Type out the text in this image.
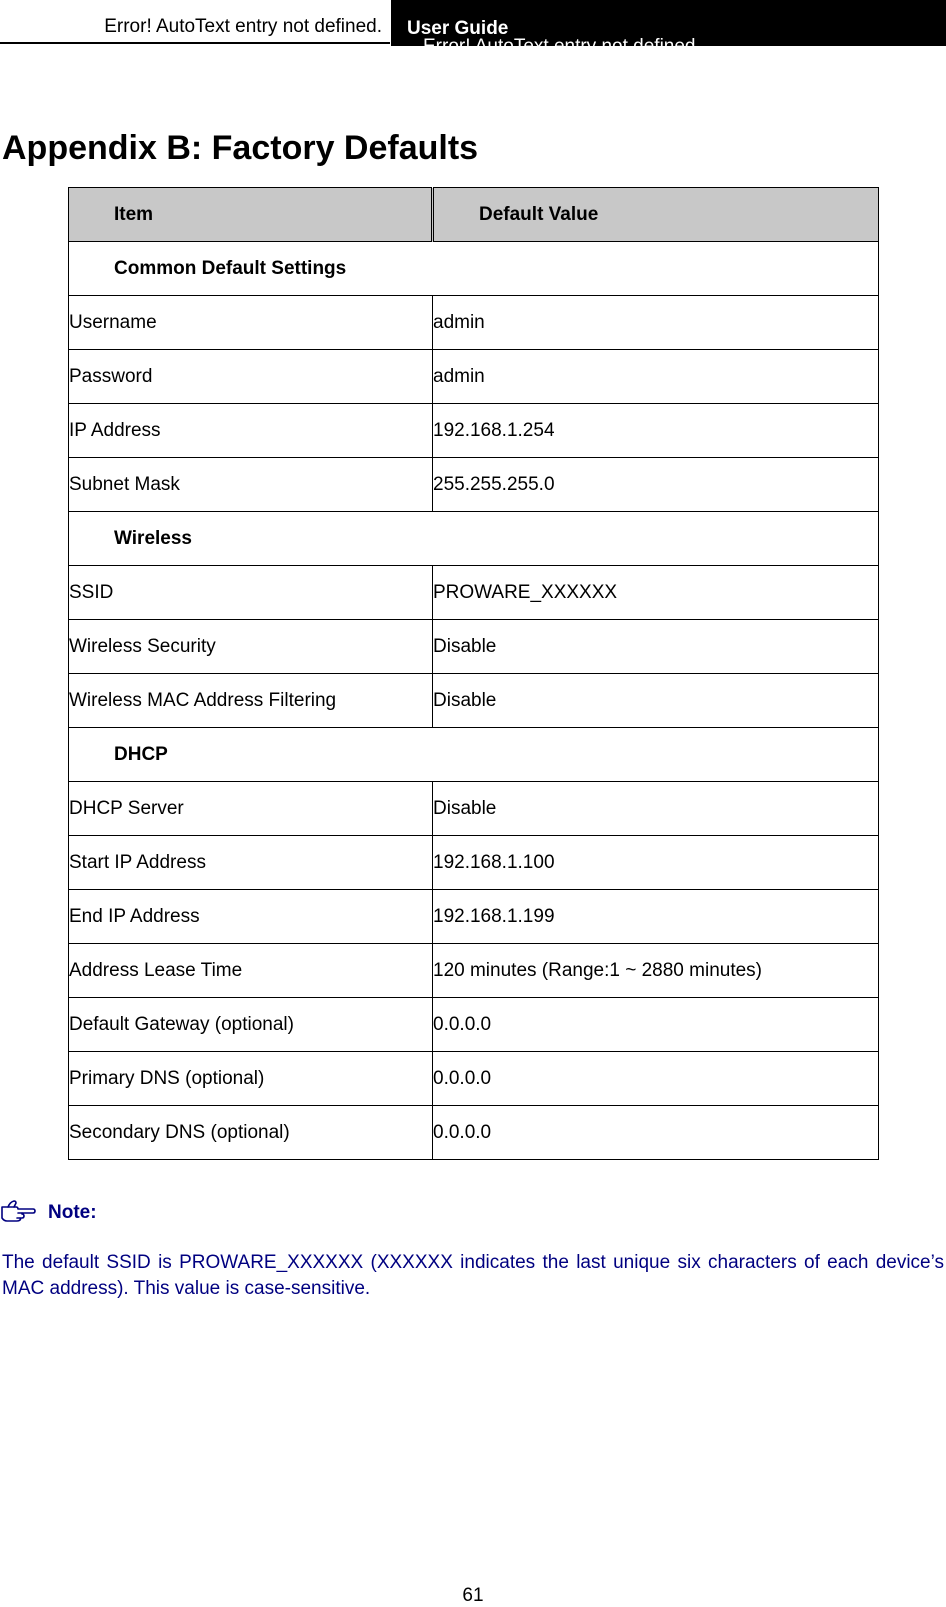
Error! AutoText entry not defined.
Error! AutoText entry not defined.
User Guide
Appendix B: Factory Defaults
Item	Default Value
Common Default Settings	
Username	admin
Password	admin
IP Address	192.168.1.254
Subnet Mask	255.255.255.0
Wireless	
SSID	PROWARE_XXXXXX
Wireless Security	Disable
Wireless MAC Address Filtering	Disable
DHCP	
DHCP Server	Disable
Start IP Address	192.168.1.100
End IP Address	192.168.1.199
Address Lease Time	120 minutes (Range:1 ~ 2880 minutes)
Default Gateway (optional)	0.0.0.0
Primary DNS (optional)	0.0.0.0
Secondary DNS (optional)	0.0.0.0
Note:

The default SSID is PROWARE_XXXXXX (XXXXXX indicates the last unique six characters of each device’s MAC address). This value is case-sensitive.

61
